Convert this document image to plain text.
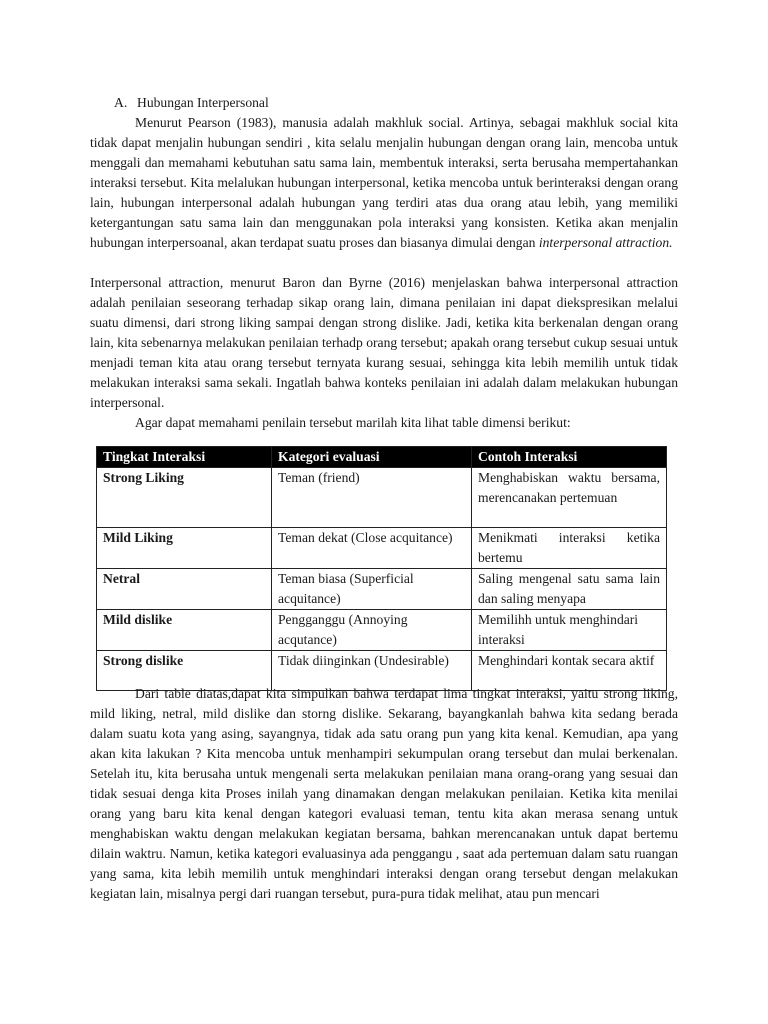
A. Hubungan Interpersonal

Menurut Pearson (1983), manusia adalah makhluk social. Artinya, sebagai makhluk social kita tidak dapat menjalin hubungan sendiri , kita selalu menjalin hubungan dengan orang lain, mencoba untuk menggali dan memahami kebutuhan satu sama lain, membentuk interaksi, serta berusaha mempertahankan interaksi tersebut. Kita melalukan hubungan interpersonal, ketika mencoba untuk berinteraksi dengan orang lain, hubungan interpersonal adalah hubungan yang terdiri atas dua orang atau lebih, yang memiliki ketergantungan satu sama lain dan menggunakan pola interaksi yang konsisten. Ketika akan menjalin hubungan interpersoanal, akan terdapat suatu proses dan biasanya dimulai dengan interpersonal attraction.

Interpersonal attraction, menurut Baron dan Byrne (2016) menjelaskan bahwa interpersonal attraction adalah penilaian seseorang terhadap sikap orang lain, dimana penilaian ini dapat diekspresikan melalui suatu dimensi, dari strong liking sampai dengan strong dislike. Jadi, ketika kita berkenalan dengan orang lain, kita sebenarnya melakukan penilaian terhadp orang tersebut; apakah orang tersebut cukup sesuai untuk menjadi teman kita atau orang tersebut ternyata kurang sesuai, sehingga kita lebih memilih untuk tidak melakukan interaksi sama sekali. Ingatlah bahwa konteks penilaian ini adalah dalam melakukan hubungan interpersonal.

Agar dapat memahami penilain tersebut marilah kita lihat table dimensi berikut:

Tingkat Interaksi	Kategori evaluasi	Contoh Interaksi
Strong Liking	Teman (friend)	Menghabiskan waktu bersama, merencanakan pertemuan
Mild Liking	Teman dekat (Close acquitance)	Menikmati interaksi ketika bertemu
Netral	Teman biasa (Superficial acquitance)	Saling mengenal satu sama lain dan saling menyapa
Mild dislike	Pengganggu (Annoying acqutance)	Memilihh untuk menghindari interaksi
Strong dislike	Tidak diinginkan (Undesirable)	Menghindari kontak secara aktif

Dari table diatas,dapat kita simpulkan bahwa terdapat lima tingkat interaksi, yaitu strong liking, mild liking, netral, mild dislike dan storng dislike. Sekarang, bayangkanlah bahwa kita sedang berada dalam suatu kota yang asing, sayangnya, tidak ada satu orang pun yang kita kenal. Kemudian, apa yang akan kita lakukan ? Kita mencoba untuk menhampiri sekumpulan orang tersebut dan mulai berkenalan. Setelah itu, kita berusaha untuk mengenali serta melakukan penilaian mana orang-orang yang sesuai dan tidak sesuai denga kita Proses inilah yang dinamakan dengan melakukan penilaian. Ketika kita menilai orang yang baru kita kenal dengan kategori evaluasi teman, tentu kita akan merasa senang untuk menghabiskan waktu dengan melakukan kegiatan bersama, bahkan merencanakan untuk dapat bertemu dilain waktru. Namun, ketika kategori evaluasinya ada penggangu , saat ada pertemuan dalam satu ruangan yang sama, kita lebih memilih untuk menghindari interaksi dengan orang tersebut dengan melakukan kegiatan lain, misalnya pergi dari ruangan tersebut, pura-pura tidak melihat, atau pun mencari
